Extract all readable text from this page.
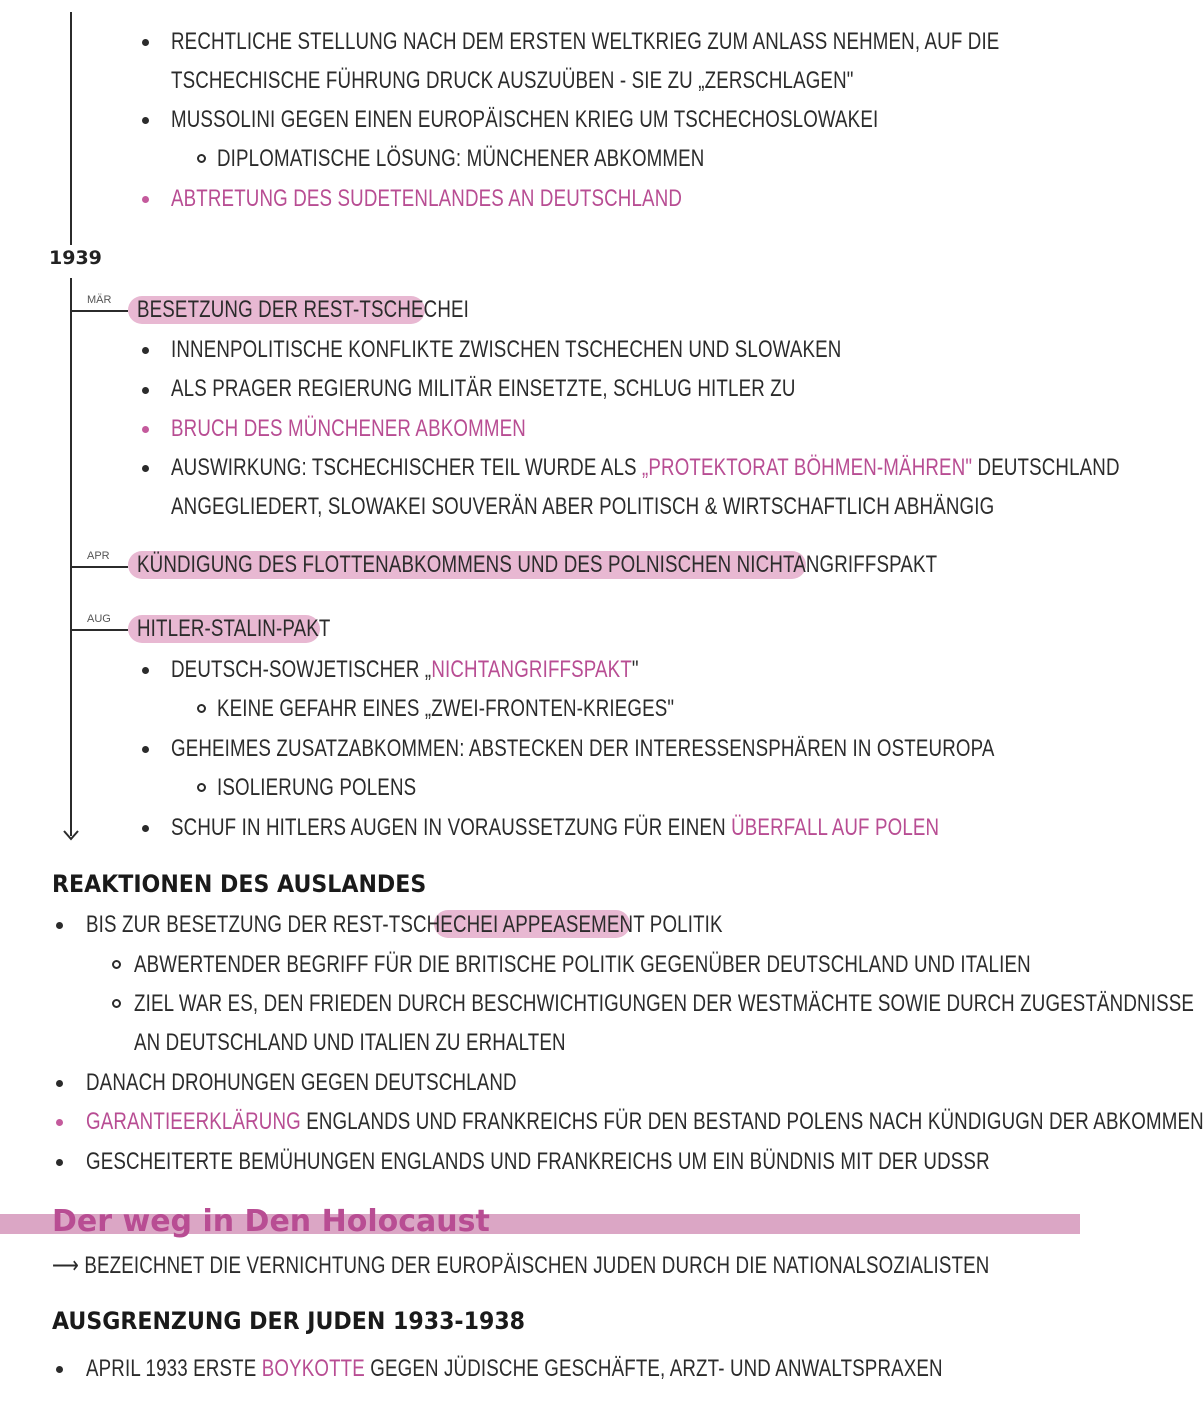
1939
RECHTLICHE STELLUNG NACH DEM ERSTEN WELTKRIEG ZUM ANLASS NEHMEN, AUF DIE
TSCHECHISCHE FÜHRUNG DRUCK AUSZUÜBEN - SIE ZU „ZERSCHLAGEN"
MUSSOLINI GEGEN EINEN EUROPÄISCHEN KRIEG UM TSCHECHOSLOWAKEI
DIPLOMATISCHE LÖSUNG: MÜNCHENER ABKOMMEN
ABTRETUNG DES SUDETENLANDES AN DEUTSCHLAND
MÄR BESETZUNG DER REST-TSCHECHEI
INNENPOLITISCHE KONFLIKTE ZWISCHEN TSCHECHEN UND SLOWAKEN
ALS PRAGER REGIERUNG MILITÄR EINSETZTE, SCHLUG HITLER ZU
BRUCH DES MÜNCHENER ABKOMMEN
AUSWIRKUNG: TSCHECHISCHER TEIL WURDE ALS „PROTEKTORAT BÖHMEN-MÄHREN" DEUTSCHLAND
ANGEGLIEDERT, SLOWAKEI SOUVERÄN ABER POLITISCH & WIRTSCHAFTLICH ABHÄNGIG
APR KÜNDIGUNG DES FLOTTENABKOMMENS UND DES POLNISCHEN NICHTANGRIFFSPAKT
AUG HITLER-STALIN-PAKT
DEUTSCH-SOWJETISCHER „NICHTANGRIFFSPAKT"
KEINE GEFAHR EINES „ZWEI-FRONTEN-KRIEGES"
GEHEIMES ZUSATZABKOMMEN: ABSTECKEN DER INTERESSENSPHÄREN IN OSTEUROPA
ISOLIERUNG POLENS
SCHUF IN HITLERS AUGEN IN VORAUSSETZUNG FÜR EINEN ÜBERFALL AUF POLEN
REAKTIONEN DES AUSLANDES
BIS ZUR BESETZUNG DER REST-TSCHECHEI APPEASEMENT POLITIK
ABWERTENDER BEGRIFF FÜR DIE BRITISCHE POLITIK GEGENÜBER DEUTSCHLAND UND ITALIEN
ZIEL WAR ES, DEN FRIEDEN DURCH BESCHWICHTIGUNGEN DER WESTMÄCHTE SOWIE DURCH ZUGESTÄNDNISSE
AN DEUTSCHLAND UND ITALIEN ZU ERHALTEN
DANACH DROHUNGEN GEGEN DEUTSCHLAND
GARANTIEERKLÄRUNG ENGLANDS UND FRANKREICHS FÜR DEN BESTAND POLENS NACH KÜNDIGUGN DER ABKOMMEN
GESCHEITERTE BEMÜHUNGEN ENGLANDS UND FRANKREICHS UM EIN BÜNDNIS MIT DER UDSSR
Der weg in Den Holocaust
⟶ BEZEICHNET DIE VERNICHTUNG DER EUROPÄISCHEN JUDEN DURCH DIE NATIONALSOZIALISTEN
AUSGRENZUNG DER JUDEN 1933-1938
APRIL 1933 ERSTE BOYKOTTE GEGEN JÜDISCHE GESCHÄFTE, ARZT- UND ANWALTSPRAXEN
